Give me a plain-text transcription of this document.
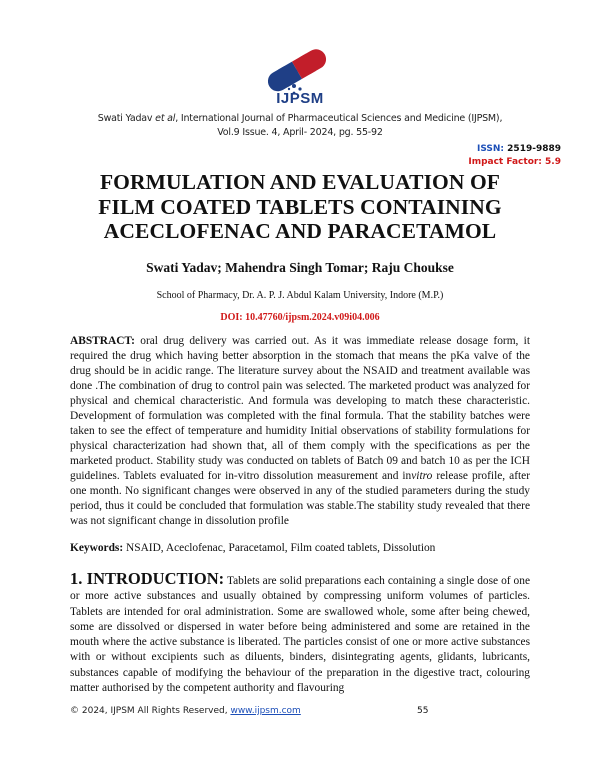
IJPSM
Swati Yadav et al, International Journal of Pharmaceutical Sciences and Medicine (IJPSM),
Vol.9 Issue. 4, April- 2024, pg. 55-92
ISSN: 2519-9889
Impact Factor: 5.9
FORMULATION AND EVALUATION OF
FILM COATED TABLETS CONTAINING
ACECLOFENAC AND PARACETAMOL
Swati Yadav; Mahendra Singh Tomar; Raju Choukse
School of Pharmacy, Dr. A. P. J. Abdul Kalam University, Indore (M.P.)
DOI: 10.47760/ijpsm.2024.v09i04.006
ABSTRACT: oral drug delivery was carried out. As it was immediate release dosage form, it required the drug which having better absorption in the stomach that means the pKa valve of the drug should be in acidic range. The literature survey about the NSAID and treatment available was done .The combination of drug to control pain was selected. The marketed product was analyzed for physical and chemical characteristic. And formula was developing to match these characteristic. Development of formulation was completed with the final formula. That the stability batches were taken to see the effect of temperature and humidity Initial observations of stability formulations for physical characterization had shown that, all of them comply with the specifications as per the marketed product. Stability study was conducted on tablets of Batch 09 and batch 10 as per the ICH guidelines. Tablets evaluated for in-vitro dissolution measurement and invitro release profile, after one month. No significant changes were observed in any of the studied parameters during the study period, thus it could be concluded that formulation was stable.The stability study revealed that there was not significant change in dissolution profile
Keywords: NSAID, Aceclofenac, Paracetamol, Film coated tablets, Dissolution
1. INTRODUCTION: Tablets are solid preparations each containing a single dose of one or more active substances and usually obtained by compressing uniform volumes of particles. Tablets are intended for oral administration. Some are swallowed whole, some after being chewed, some are dissolved or dispersed in water before being administered and some are retained in the mouth where the active substance is liberated. The particles consist of one or more active substances with or without excipients such as diluents, binders, disintegrating agents, glidants, lubricants, substances capable of modifying the behaviour of the preparation in the digestive tract, colouring matter authorised by the competent authority and flavouring
© 2024, IJPSM All Rights Reserved, www.ijpsm.com	55
